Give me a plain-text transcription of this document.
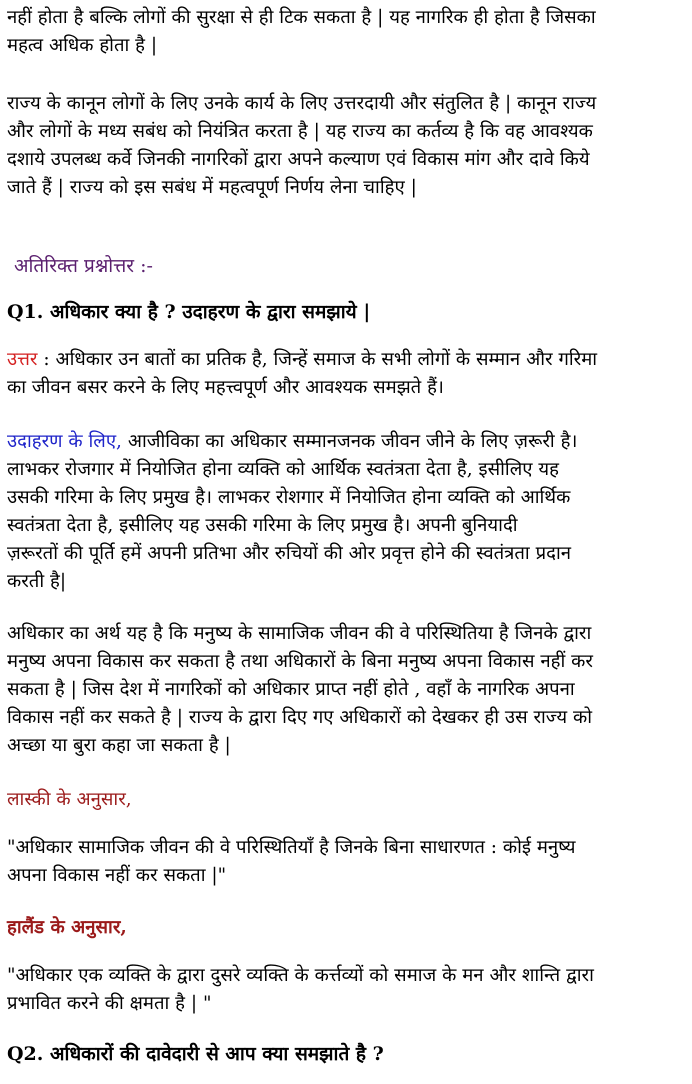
नहीं होता है बल्कि लोगों की सुरक्षा से ही टिक सकता है | यह नागरिक ही होता है जिसका
महत्व अधिक होता है |
राज्य के कानून लोगों के लिए उनके कार्य के लिए उत्तरदायी और संतुलित है | कानून राज्य
और लोगों के मध्य सबंध को नियंत्रित करता है | यह राज्य का कर्तव्य है कि वह आवश्यक
दशाये उपलब्ध कर्वे जिनकी नागरिकों द्वारा अपने कल्याण एवं विकास मांग और दावे किये
जाते हैं | राज्य को इस सबंध में महत्वपूर्ण निर्णय लेना चाहिए |
अतिरिक्त प्रश्नोत्तर :-
Q1. अधिकार क्या है ? उदाहरण के द्वारा समझाये |
उत्तर : अधिकार उन बातों का प्रतिक है, जिन्हें समाज के सभी लोगों के सम्मान और गरिमा
का जीवन बसर करने के लिए महत्त्वपूर्ण और आवश्यक समझते हैं।
उदाहरण के लिए, आजीविका का अधिकार सम्मानजनक जीवन जीने के लिए ज़रूरी है।
लाभकर रोजगार में नियोजित होना व्यक्ति को आर्थिक स्वतंत्रता देता है, इसीलिए यह
उसकी गरिमा के लिए प्रमुख है। लाभकर रोशगार में नियोजित होना व्यक्ति को आर्थिक
स्वतंत्रता देता है, इसीलिए यह उसकी गरिमा के लिए प्रमुख है। अपनी बुनियादी
ज़रूरतों की पूर्ति हमें अपनी प्रतिभा और रुचियों की ओर प्रवृत्त होने की स्वतंत्रता प्रदान
करती है|
अधिकार का अर्थ यह है कि मनुष्य के सामाजिक जीवन की वे परिस्थितिया है जिनके द्वारा
मनुष्य अपना विकास कर सकता है तथा अधिकारों के बिना मनुष्य अपना विकास नहीं कर
सकता है | जिस देश में नागरिकों को अधिकार प्राप्त नहीं होते , वहाँ के नागरिक अपना
विकास नहीं कर सकते है | राज्य के द्वारा दिए गए अधिकारों को देखकर ही उस राज्य को
अच्छा या बुरा कहा जा सकता है |
लास्की के अनुसार,
"अधिकार सामाजिक जीवन की वे परिस्थितियाँ है जिनके बिना साधारणत : कोई मनुष्य
अपना विकास नहीं कर सकता |"
हालैंड के अनुसार,
"अधिकार एक व्यक्ति के द्वारा दुसरे व्यक्ति के कर्त्तव्यों को समाज के मन और शान्ति द्वारा
प्रभावित करने की क्षमता है | "
Q2. अधिकारों की दावेदारी से आप क्या समझाते है ?
